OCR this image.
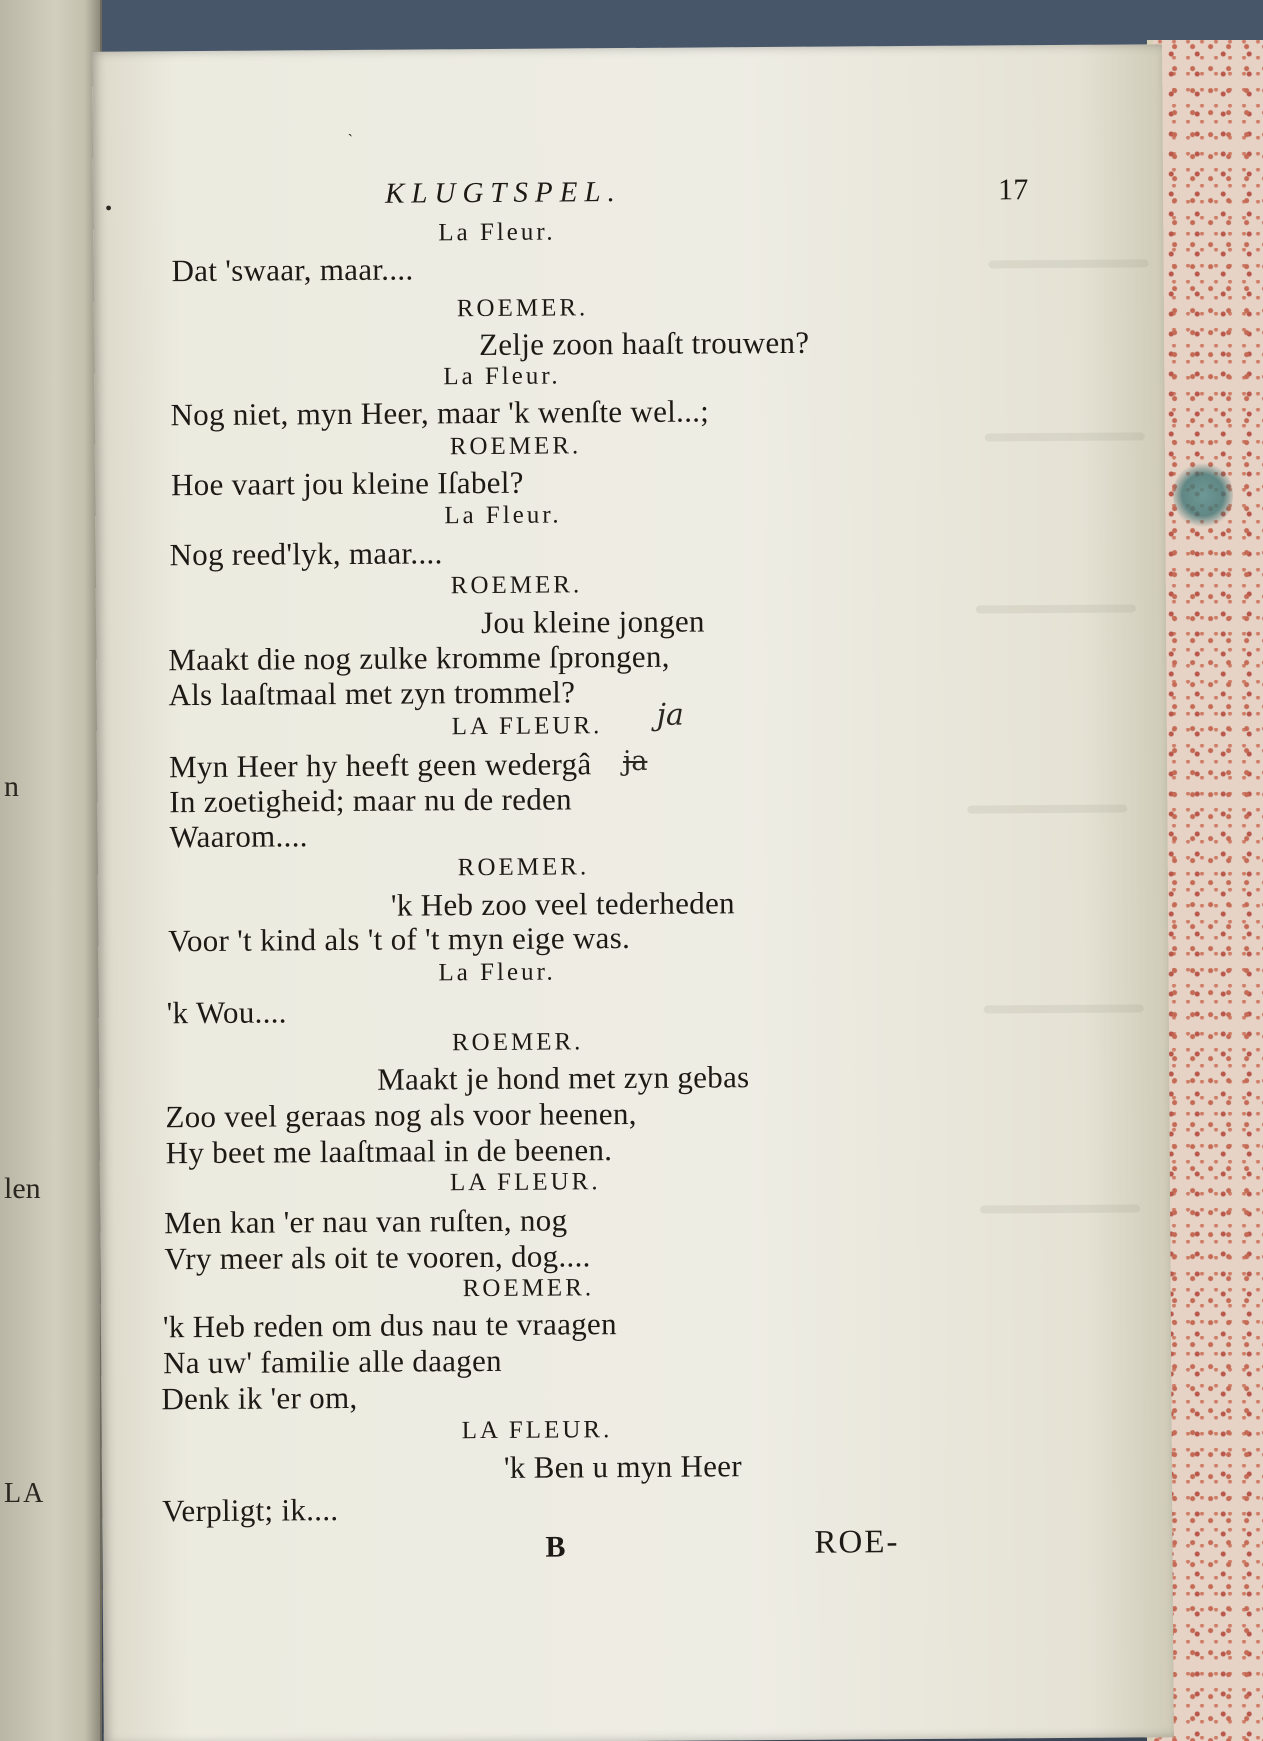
n
len
LA
ˎ
•	KLUGTSPEL.	17
La Fleur.
Dat 'swaar, maar....
ROEMER.
Zelje zoon haaſt trouwen?
La Fleur.
Nog niet, myn Heer, maar 'k wenſte wel...;
ROEMER.
Hoe vaart jou kleine Iſabel?
La Fleur.
Nog reed'lyk, maar....
ROEMER.
Jou kleine jongen
Maakt die nog zulke kromme ſprongen,
Als laaſtmaal met zyn trommel?
LA FLEUR. ja
Myn Heer hy heeft geen wedergâ ja
In zoetigheid; maar nu de reden
Waarom....
ROEMER.
'k Heb zoo veel tederheden
Voor 't kind als 't of 't myn eige was.
La Fleur.
'k Wou....
ROEMER.
Maakt je hond met zyn gebas
Zoo veel geraas nog als voor heenen,
Hy beet me laaſtmaal in de beenen.
LA FLEUR.
Men kan 'er nau van ruſten, nog
Vry meer als oit te vooren, dog....
ROEMER.
'k Heb reden om dus nau te vraagen
Na uw' familie alle daagen
Denk ik 'er om,
LA FLEUR.
'k Ben u myn Heer
Verpligt; ik....
B	ROE-
